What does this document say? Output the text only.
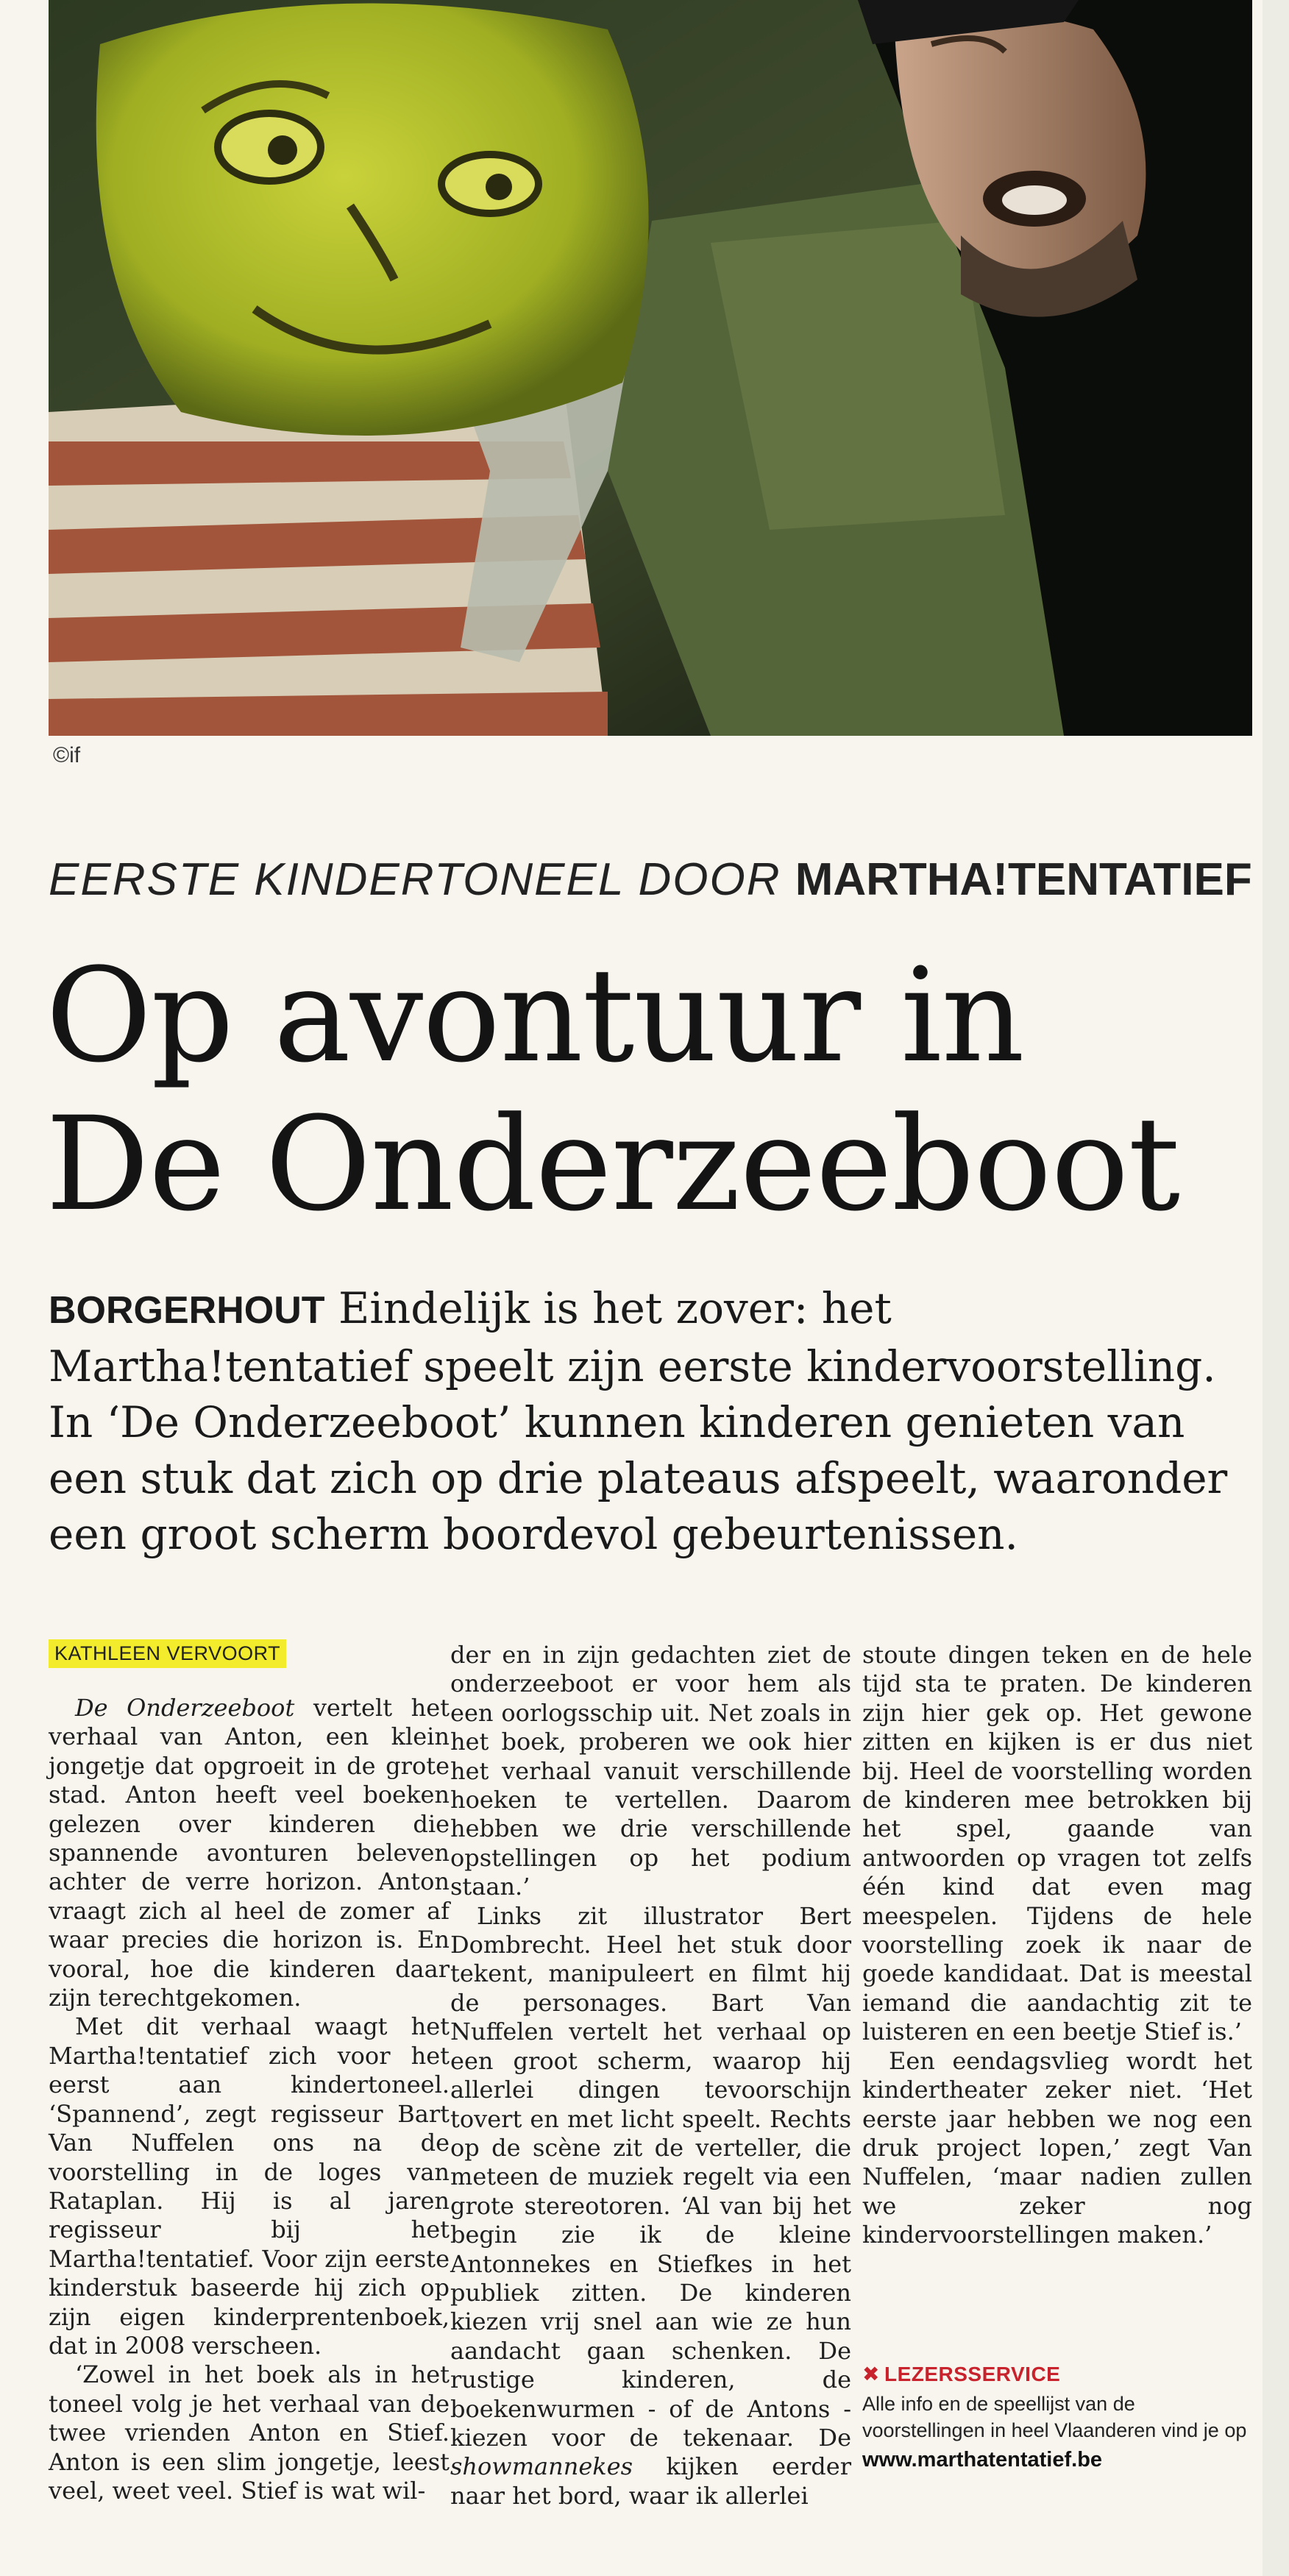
©if
EERSTE KINDERTONEEL DOOR MARTHA!TENTATIEF
Op avontuur in
De Onderzeeboot

BORGERHOUT Eindelijk is het zover: het Martha!tentatief speelt zijn eerste kindervoorstelling.

In ‘De Onderzeeboot’ kunnen kinderen genieten van een stuk dat zich op drie plateaus afspeelt, waaronder een groot scherm boordevol gebeurtenissen.

KATHLEEN VERVOORT

De Onderzeeboot vertelt het verhaal van Anton, een klein jongetje dat opgroeit in de grote stad. Anton heeft veel boeken gelezen over kinderen die spannende avonturen beleven achter de verre horizon. Anton vraagt zich al heel de zomer af waar precies die horizon is. En vooral, hoe die kinderen daar zijn terechtgekomen.

Met dit verhaal waagt het Martha!tentatief zich voor het eerst aan kindertoneel. ‘Spannend’, zegt regisseur Bart Van Nuffelen ons na de voorstelling in de loges van Rataplan. Hij is al jaren regisseur bij het Martha!tentatief. Voor zijn eerste kinderstuk baseerde hij zich op zijn eigen kinderprentenboek, dat in 2008 verscheen.

‘Zowel in het boek als in het toneel volg je het verhaal van de twee vrienden Anton en Stief. Anton is een slim jongetje, leest veel, weet veel. Stief is wat wil-

der en in zijn gedachten ziet de onderzeeboot er voor hem als een oorlogsschip uit. Net zoals in het boek, proberen we ook hier het verhaal vanuit verschillende hoeken te vertellen. Daarom hebben we drie verschillende opstellingen op het podium staan.’

Links zit illustrator Bert Dombrecht. Heel het stuk door tekent, manipuleert en filmt hij de personages. Bart Van Nuffelen vertelt het verhaal op een groot scherm, waarop hij allerlei dingen tevoorschijn tovert en met licht speelt. Rechts op de scène zit de verteller, die meteen de muziek regelt via een grote stereotoren. ‘Al van bij het begin zie ik de kleine Antonnekes en Stiefkes in het publiek zitten. De kinderen kiezen vrij snel aan wie ze hun aandacht gaan schenken. De rustige kinderen, de boekenwurmen - of de Antons - kiezen voor de tekenaar. De showmannekes kijken eerder naar het bord, waar ik allerlei

stoute dingen teken en de hele tijd sta te praten. De kinderen zijn hier gek op. Het gewone zitten en kijken is er dus niet bij. Heel de voorstelling worden de kinderen mee betrokken bij het spel, gaande van antwoorden op vragen tot zelfs één kind dat even mag meespelen. Tijdens de hele voorstelling zoek ik naar de goede kandidaat. Dat is meestal iemand die aandachtig zit te luisteren en een beetje Stief is.’

Een eendagsvlieg wordt het kindertheater zeker niet. ‘Het eerste jaar hebben we nog een druk project lopen,’ zegt Van Nuffelen, ‘maar nadien zullen we zeker nog kindervoorstellingen maken.’

✖ LEZERSSERVICE
Alle info en de speellijst van de voorstellingen in heel Vlaanderen vind je op
www.marthatentatief.be
